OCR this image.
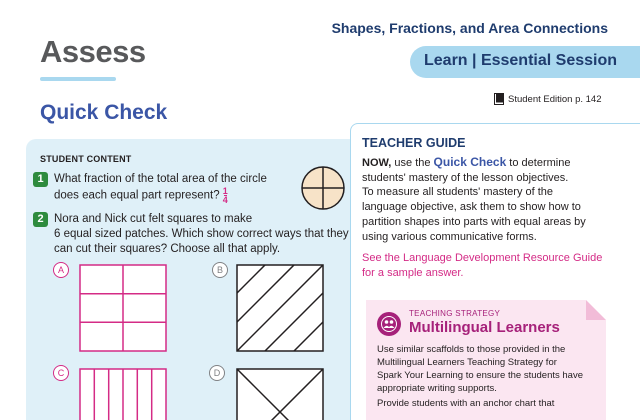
Shapes, Fractions, and Area Connections
Learn | Essential Session
Assess
Quick Check
Student Edition p. 142
STUDENT CONTENT
1 What fraction of the total area of the circle
does each equal part represent? $\frac{1}{4}$
2 Nora and Nick cut felt squares to make
6 equal sized patches. Which show correct ways that they
can cut their squares? Choose all that apply.
A	B
C	D
TEACHER GUIDE
NOW, use the Quick Check to determine
students' mastery of the lesson objectives.
To measure all students' mastery of the
language objective, ask them to show how to
partition shapes into parts with equal areas by
using various communicative forms.
See the Language Development Resource Guide
for a sample answer.
TEACHING STRATEGY
Multilingual Learners

Use similar scaffolds to those provided in the
Multilingual Learners Teaching Strategy for
Spark Your Learning to ensure the students have
appropriate writing supports.

Provide students with an anchor chart that
